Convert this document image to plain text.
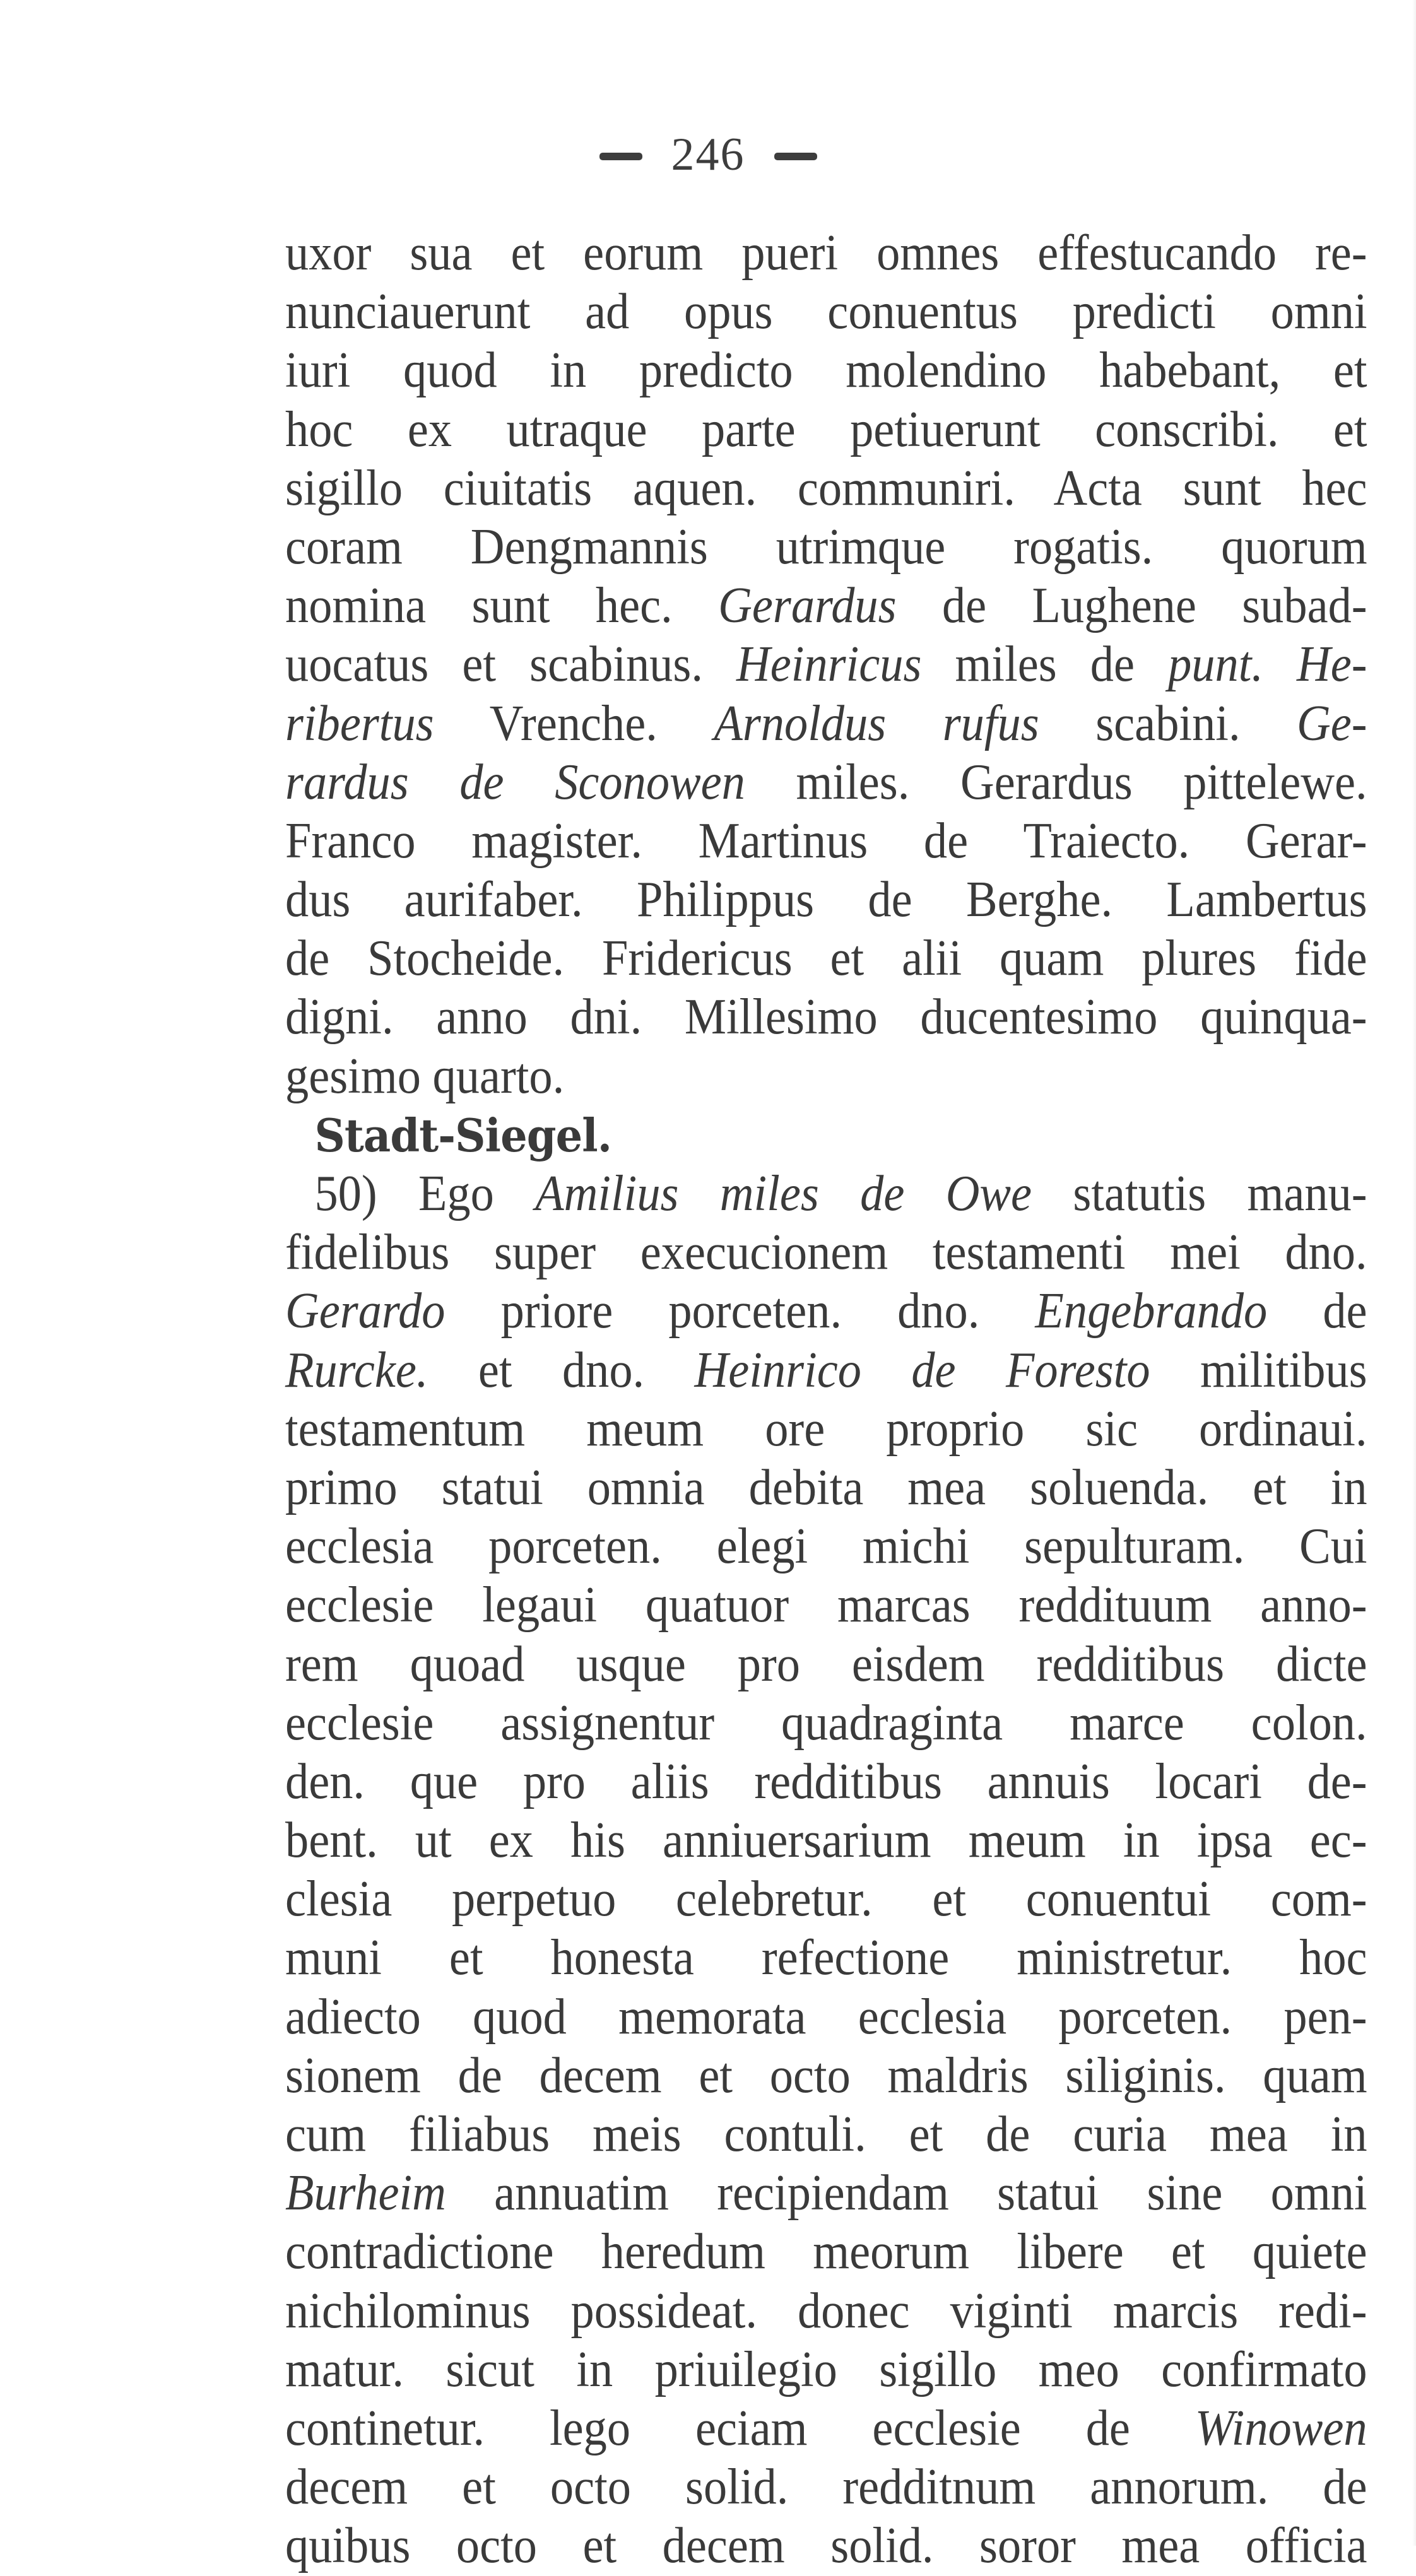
246
uxor sua et eorum pueri omnes effestucando re-
nunciauerunt ad opus conuentus predicti omni
iuri quod in predicto molendino habebant, et
hoc ex utraque parte petiuerunt conscribi. et
sigillo ciuitatis aquen. communiri. Acta sunt hec
coram Dengmannis utrimque rogatis. quorum
nomina sunt hec. Gerardus de Lughene subad-
uocatus et scabinus. Heinricus miles de punt. He-
ribertus Vrenche. Arnoldus rufus scabini. Ge-
rardus de Sconowen miles. Gerardus pittelewe.
Franco magister. Martinus de Traiecto. Gerar-
dus aurifaber. Philippus de Berghe. Lambertus
de Stocheide. Fridericus et alii quam plures fide
digni. anno dni. Millesimo ducentesimo quinqua-
gesimo quarto.
Stadt-Siegel.
50) Ego Amilius miles de Owe statutis manu-
fidelibus super execucionem testamenti mei dno.
Gerardo priore porceten. dno. Engebrando de
Rurcke. et dno. Heinrico de Foresto militibus
testamentum meum ore proprio sic ordinaui.
primo statui omnia debita mea soluenda. et in
ecclesia porceten. elegi michi sepulturam. Cui
ecclesie legaui quatuor marcas reddituum anno-
rem quoad usque pro eisdem redditibus dicte
ecclesie assignentur quadraginta marce colon.
den. que pro aliis redditibus annuis locari de-
bent. ut ex his anniuersarium meum in ipsa ec-
clesia perpetuo celebretur. et conuentui com-
muni et honesta refectione ministretur. hoc
adiecto quod memorata ecclesia porceten. pen-
sionem de decem et octo maldris siliginis. quam
cum filiabus meis contuli. et de curia mea in
Burheim annuatim recipiendam statui sine omni
contradictione heredum meorum libere et quiete
nichilominus possideat. donec viginti marcis redi-
matur. sicut in priuilegio sigillo meo confirmato
continetur. lego eciam ecclesie de Winowen
decem et octo solid. redditnum annorum. de
quibus octo et decem solid. soror mea officia
